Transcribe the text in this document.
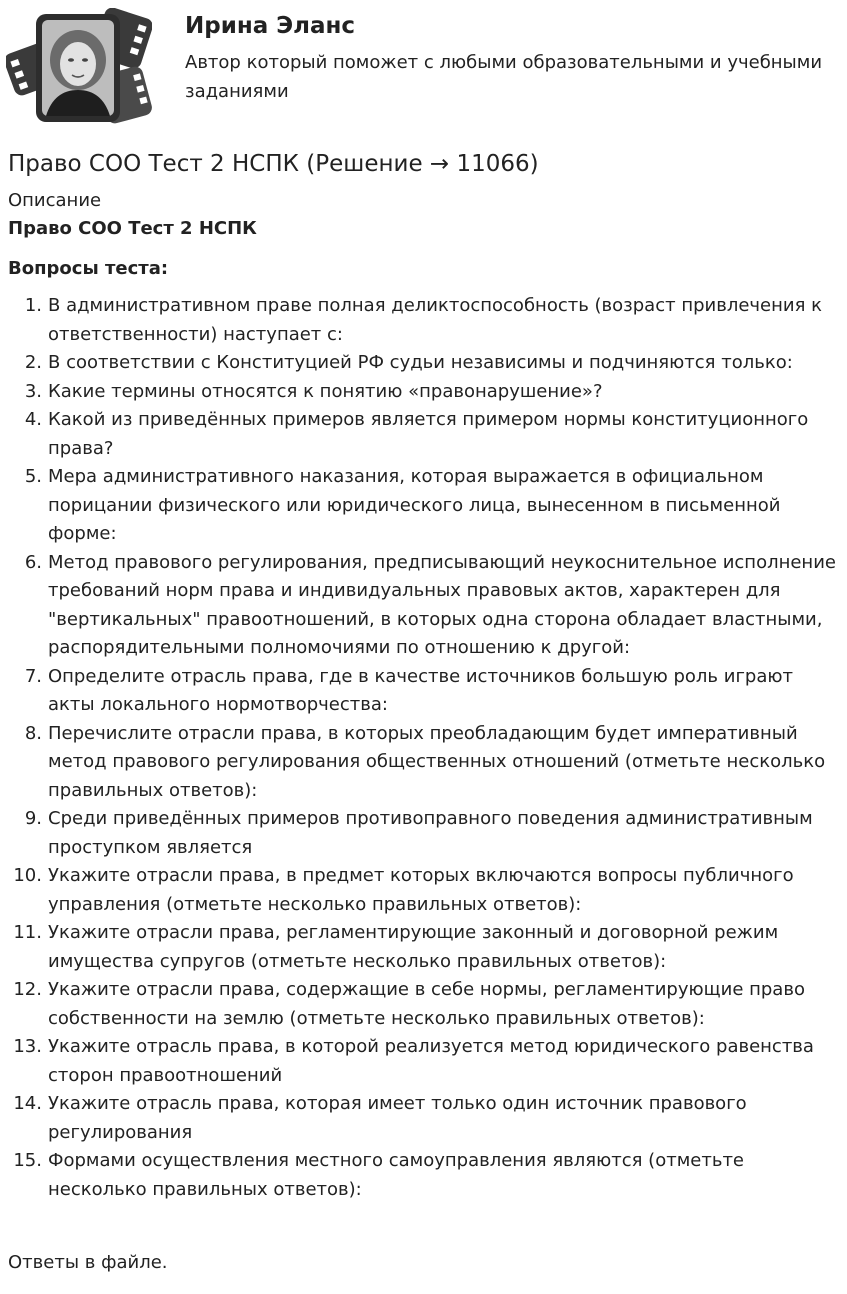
Ирина Эланс
Автор который поможет с любыми образовательными и учебными заданиями
Право СОО Тест 2 НСПК (Решение → 11066)
Описание
Право СОО Тест 2 НСПК
Вопросы теста:
1. В административном праве полная деликтоспособность (возраст привлечения к ответственности) наступает с:
2. В соответствии с Конституцией РФ судьи независимы и подчиняются только:
3. Какие термины относятся к понятию «правонарушение»?
4. Какой из приведённых примеров является примером нормы конституционного права?
5. Мера административного наказания, которая выражается в официальном порицании физического или юридического лица, вынесенном в письменной форме:
6. Метод правового регулирования, предписывающий неукоснительное исполнение требований норм права и индивидуальных правовых актов, характерен для "вертикальных" правоотношений, в которых одна сторона обладает властными, распорядительными полномочиями по отношению к другой:
7. Определите отрасль права, где в качестве источников большую роль играют акты локального нормотворчества:
8. Перечислите отрасли права, в которых преобладающим будет императивный метод правового регулирования общественных отношений (отметьте несколько правильных ответов):
9. Среди приведённых примеров противоправного поведения административным проступком является
10. Укажите отрасли права, в предмет которых включаются вопросы публичного управления (отметьте несколько правильных ответов):
11. Укажите отрасли права, регламентирующие законный и договорной режим имущества супругов (отметьте несколько правильных ответов):
12. Укажите отрасли права, содержащие в себе нормы, регламентирующие право собственности на землю (отметьте несколько правильных ответов):
13. Укажите отрасль права, в которой реализуется метод юридического равенства сторон правоотношений
14. Укажите отрасль права, которая имеет только один источник правового регулирования
15. Формами осуществления местного самоуправления являются (отметьте несколько правильных ответов):
Ответы в файле.
